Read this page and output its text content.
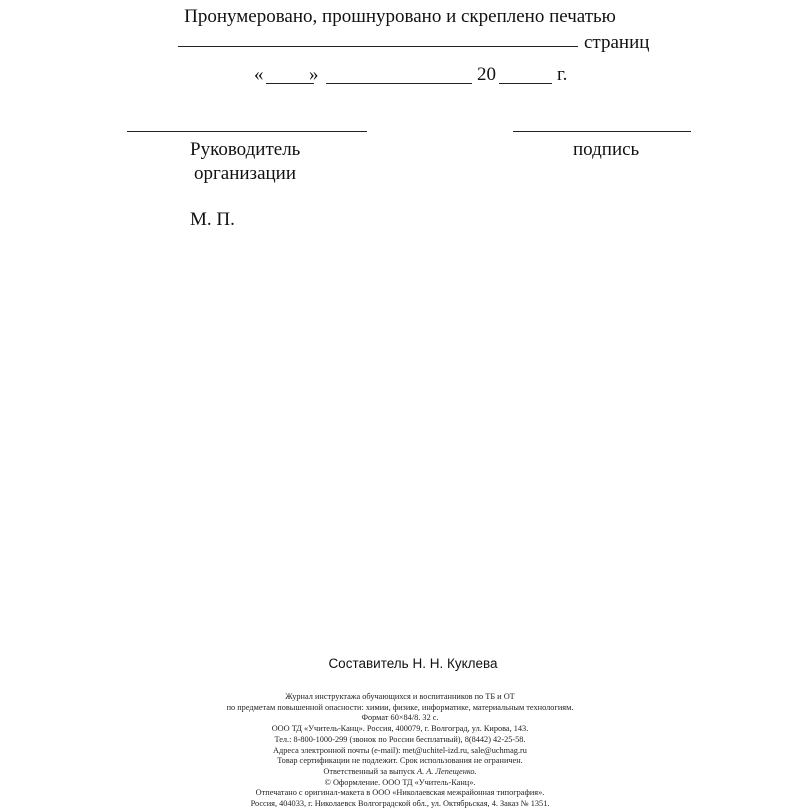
Пронумеровано, прошнуровано и скреплено печатью
страниц
« »	20	г.
Руководитель
организации
подпись
М. П.
Составитель Н. Н. Куклева
Журнал инструктажа обучающихся и воспитанников по ТБ и ОТ
по предметам повышенной опасности: химии, физике, информатике, материальным технологиям.
Формат 60×84/8. 32 с.
ООО ТД «Учитель-Канц». Россия, 400079, г. Волгоград, ул. Кирова, 143.
Тел.: 8-800-1000-299 (звонок по России бесплатный), 8(8442) 42-25-58.
Адреса электронной почты (e-mail): met@uchitel-izd.ru, sale@uchmag.ru
Товар сертификации не подлежит. Срок использования не ограничен.
Ответственный за выпуск А. А. Лепещенко.
© Оформление. ООО ТД «Учитель-Канц».
Отпечатано с оригинал-макета в ООО «Николаевская межрайонная типография».
Россия, 404033, г. Николаевск Волгоградской обл., ул. Октябрьская, 4. Заказ № 1351.
